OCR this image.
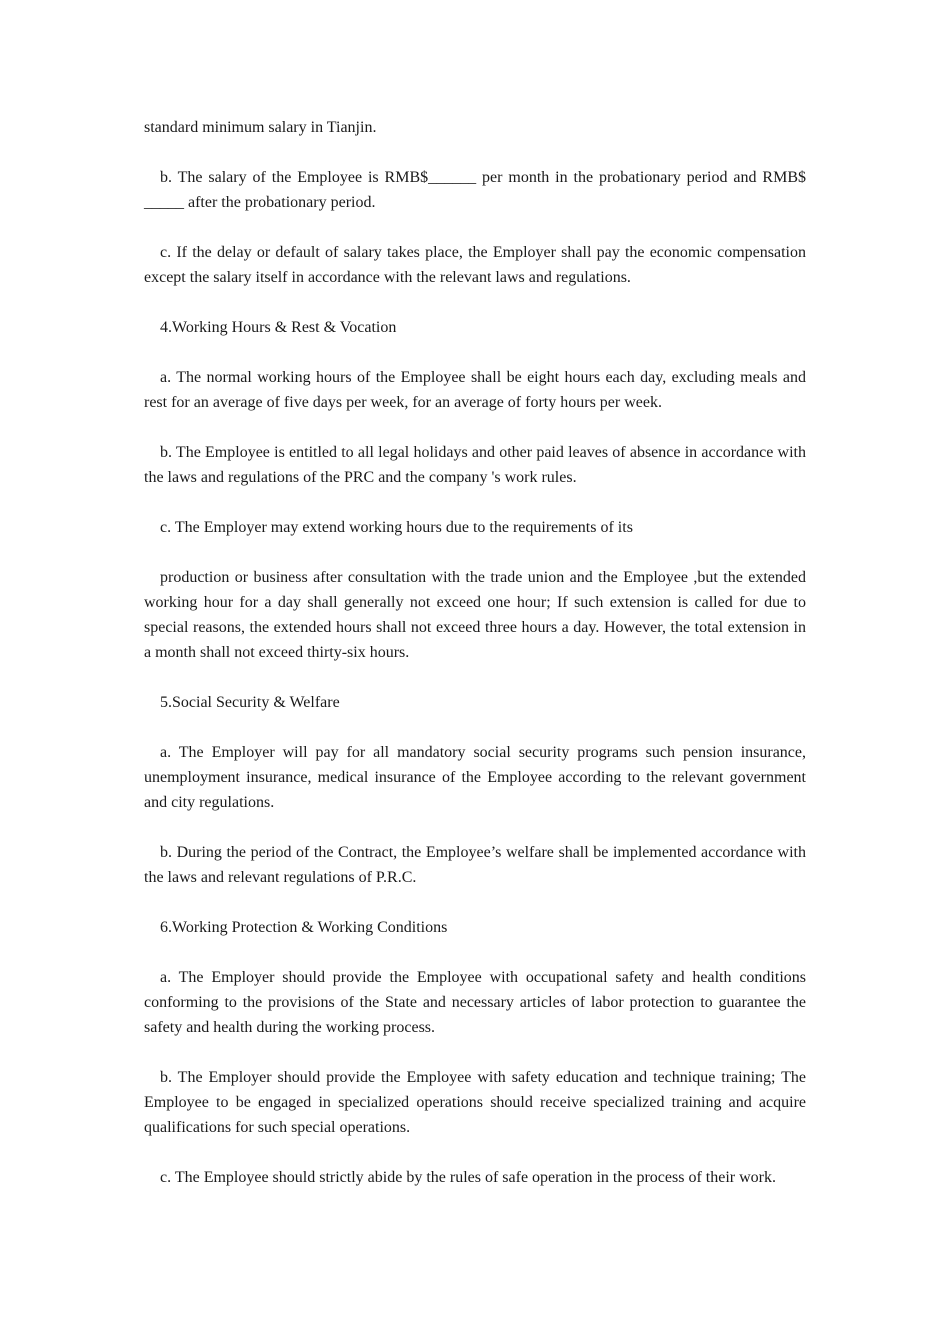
standard minimum salary in Tianjin.

b. The salary of the Employee is RMB$______ per month in the probationary period and RMB$ _____ after the probationary period.

c. If the delay or default of salary takes place, the Employer shall pay the economic compensation except the salary itself in accordance with the relevant laws and regulations.

4.Working Hours & Rest & Vocation

a. The normal working hours of the Employee shall be eight hours each day, excluding meals and rest for an average of five days per week, for an average of forty hours per week.

b. The Employee is entitled to all legal holidays and other paid leaves of absence in accordance with the laws and regulations of the PRC and the company 's work rules.

c. The Employer may extend working hours due to the requirements of its

production or business after consultation with the trade union and the Employee ,but the extended working hour for a day shall generally not exceed one hour; If such extension is called for due to special reasons, the extended hours shall not exceed three hours a day. However, the total extension in a month shall not exceed thirty-six hours.

5.Social Security & Welfare

a. The Employer will pay for all mandatory social security programs such pension insurance, unemployment insurance, medical insurance of the Employee according to the relevant government and city regulations.

b. During the period of the Contract, the Employee’s welfare shall be implemented accordance with the laws and relevant regulations of P.R.C.

6.Working Protection & Working Conditions

a. The Employer should provide the Employee with occupational safety and health conditions conforming to the provisions of the State and necessary articles of labor protection to guarantee the safety and health during the working process.

b. The Employer should provide the Employee with safety education and technique training; The Employee to be engaged in specialized operations should receive specialized training and acquire qualifications for such special operations.

c. The Employee should strictly abide by the rules of safe operation in the process of their work.
